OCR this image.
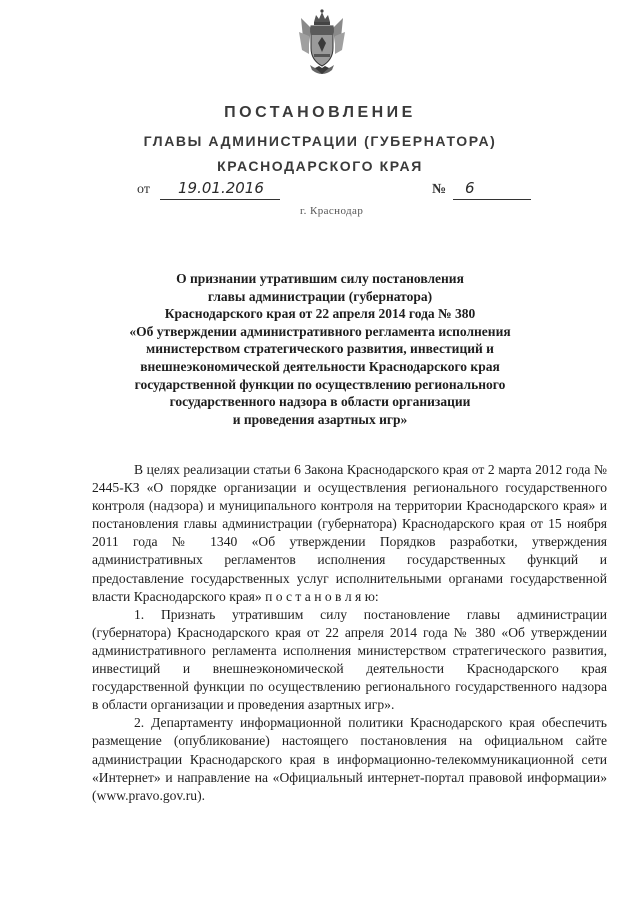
ПОСТАНОВЛЕНИЕ
ГЛАВЫ АДМИНИСТРАЦИИ (ГУБЕРНАТОРА)
КРАСНОДАРСКОГО КРАЯ
от 19.01.2016	№ 6
г. Краснодар
О признании утратившим силу постановления
главы администрации (губернатора)
Краснодарского края от 22 апреля 2014 года № 380
«Об утверждении административного регламента исполнения
министерством стратегического развития, инвестиций и
внешнеэкономической деятельности Краснодарского края
государственной функции по осуществлению регионального
государственного надзора в области организации
и проведения азартных игр»

В целях реализации статьи 6 Закона Краснодарского края от 2 марта 2012 года № 2445-КЗ «О порядке организации и осуществления регионального государственного контроля (надзора) и муниципального контроля на территории Краснодарского края» и постановления главы администрации (губернатора) Краснодарского края от 15 ноября 2011 года № 1340 «Об утверждении Порядков разработки, утверждения административных регламентов исполнения государственных функций и предоставление государственных услуг исполнительными органами государственной власти Краснодарского края» п о с т а н о в л я ю:

1. Признать утратившим силу постановление главы администрации (губернатора) Краснодарского края от 22 апреля 2014 года № 380 «Об утверждении административного регламента исполнения министерством стратегического развития, инвестиций и внешнеэкономической деятельности Краснодарского края государственной функции по осуществлению регионального государственного надзора в области организации и проведения азартных игр».

2. Департаменту информационной политики Краснодарского края обеспечить размещение (опубликование) настоящего постановления на официальном сайте администрации Краснодарского края в информационно-телекоммуникационной сети «Интернет» и направление на «Официальный интернет-портал правовой информации» (www.pravo.gov.ru).
